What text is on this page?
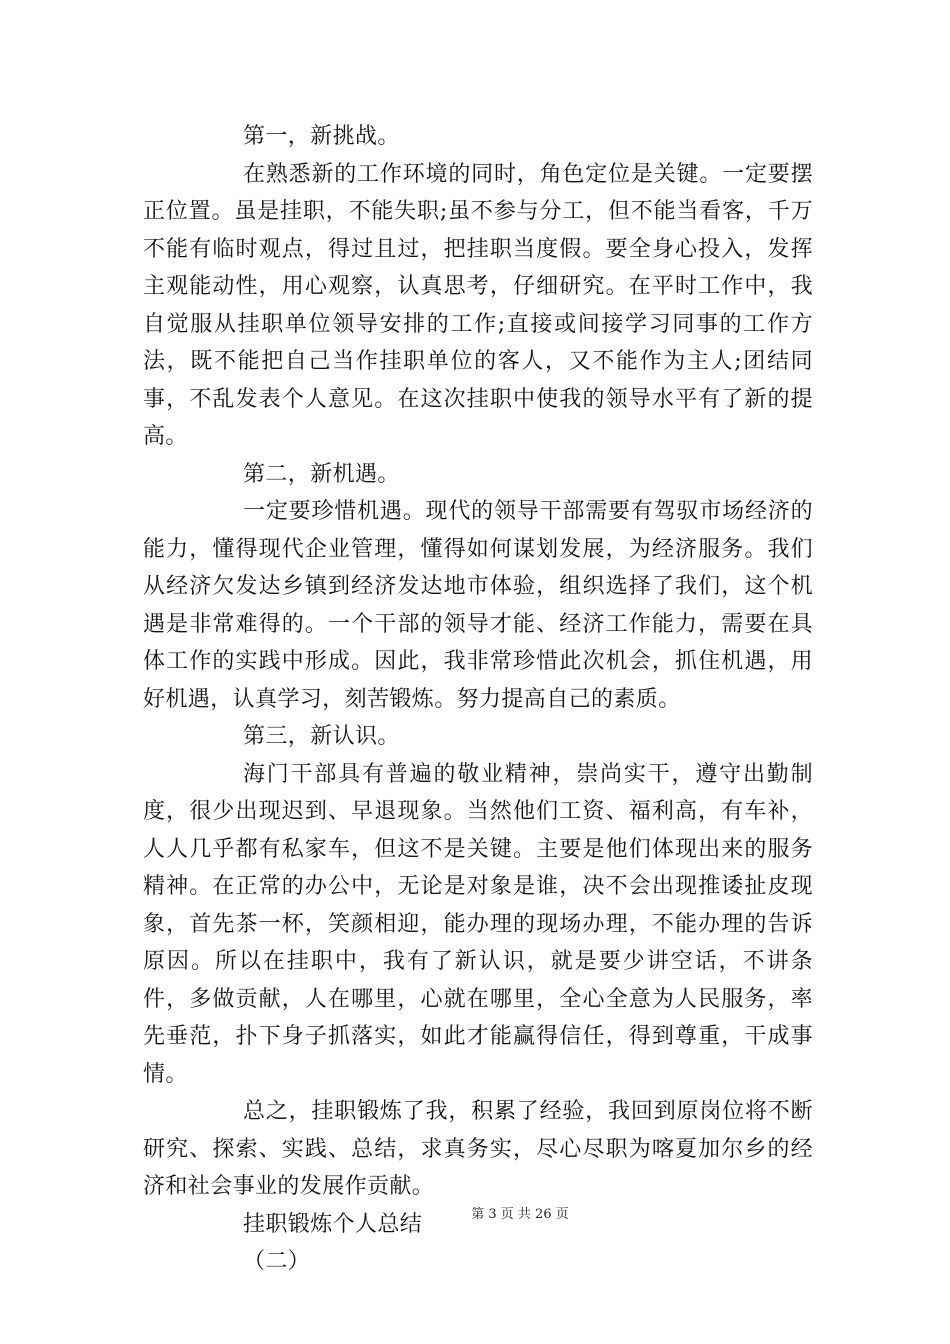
第一，新挑战。

在熟悉新的工作环境的同时，角色定位是关键。一定要摆正位置。虽是挂职，不能失职;虽不参与分工，但不能当看客，千万不能有临时观点，得过且过，把挂职当度假。要全身心投入，发挥主观能动性，用心观察，认真思考，仔细研究。在平时工作中，我自觉服从挂职单位领导安排的工作;直接或间接学习同事的工作方法，既不能把自己当作挂职单位的客人，又不能作为主人;团结同事，不乱发表个人意见。在这次挂职中使我的领导水平有了新的提高。

第二，新机遇。

一定要珍惜机遇。现代的领导干部需要有驾驭市场经济的能力，懂得现代企业管理，懂得如何谋划发展，为经济服务。我们从经济欠发达乡镇到经济发达地市体验，组织选择了我们，这个机遇是非常难得的。一个干部的领导才能、经济工作能力，需要在具体工作的实践中形成。因此，我非常珍惜此次机会，抓住机遇，用好机遇，认真学习，刻苦锻炼。努力提高自己的素质。

第三，新认识。

海门干部具有普遍的敬业精神，崇尚实干，遵守出勤制度，很少出现迟到、早退现象。当然他们工资、福利高，有车补，人人几乎都有私家车，但这不是关键。主要是他们体现出来的服务精神。在正常的办公中，无论是对象是谁，决不会出现推诿扯皮现象，首先茶一杯，笑颜相迎，能办理的现场办理，不能办理的告诉原因。所以在挂职中，我有了新认识，就是要少讲空话，不讲条件，多做贡献，人在哪里，心就在哪里，全心全意为人民服务，率先垂范，扑下身子抓落实，如此才能赢得信任，得到尊重，干成事情。

总之，挂职锻炼了我，积累了经验，我回到原岗位将不断研究、探索、实践、总结，求真务实，尽心尽职为喀夏加尔乡的经济和社会事业的发展作贡献。

挂职锻炼个人总结

（二）

第 3 页 共 26 页
